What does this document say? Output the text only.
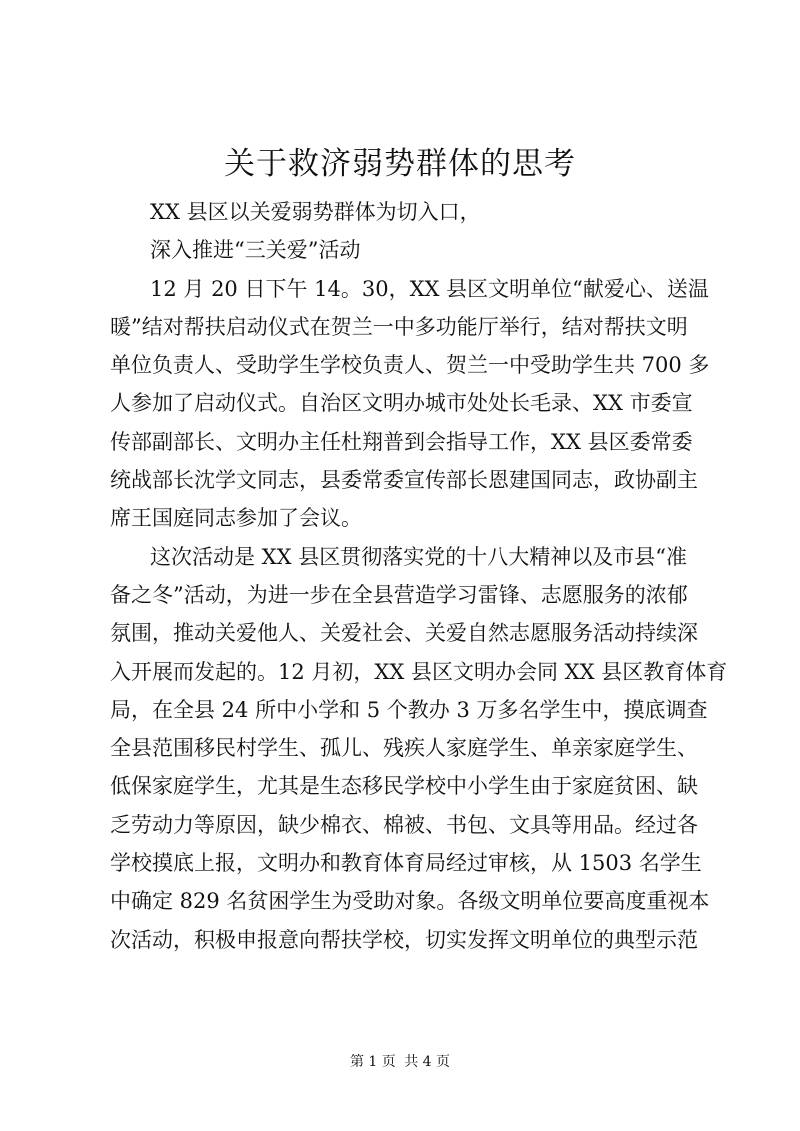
关于救济弱势群体的思考
XX 县区以关爱弱势群体为切入口，
深入推进“三关爱”活动
12 月 20 日下午 14。30，XX 县区文明单位“献爱心、送温
暖”结对帮扶启动仪式在贺兰一中多功能厅举行，结对帮扶文明
单位负责人、受助学生学校负责人、贺兰一中受助学生共 700 多
人参加了启动仪式。自治区文明办城市处处长毛录、XX 市委宣
传部副部长、文明办主任杜翔普到会指导工作，XX 县区委常委
统战部长沈学文同志，县委常委宣传部长恩建国同志，政协副主
席王国庭同志参加了会议。
这次活动是 XX 县区贯彻落实党的十八大精神以及市县“准
备之冬”活动，为进一步在全县营造学习雷锋、志愿服务的浓郁
氛围，推动关爱他人、关爱社会、关爱自然志愿服务活动持续深
入开展而发起的。12 月初，XX 县区文明办会同 XX 县区教育体育
局，在全县 24 所中小学和 5 个教办 3 万多名学生中，摸底调查
全县范围移民村学生、孤儿、残疾人家庭学生、单亲家庭学生、
低保家庭学生，尤其是生态移民学校中小学生由于家庭贫困、缺
乏劳动力等原因，缺少棉衣、棉被、书包、文具等用品。经过各
学校摸底上报，文明办和教育体育局经过审核，从 1503 名学生
中确定 829 名贫困学生为受助对象。各级文明单位要高度重视本
次活动，积极申报意向帮扶学校，切实发挥文明单位的典型示范
第 1 页 共 4 页
